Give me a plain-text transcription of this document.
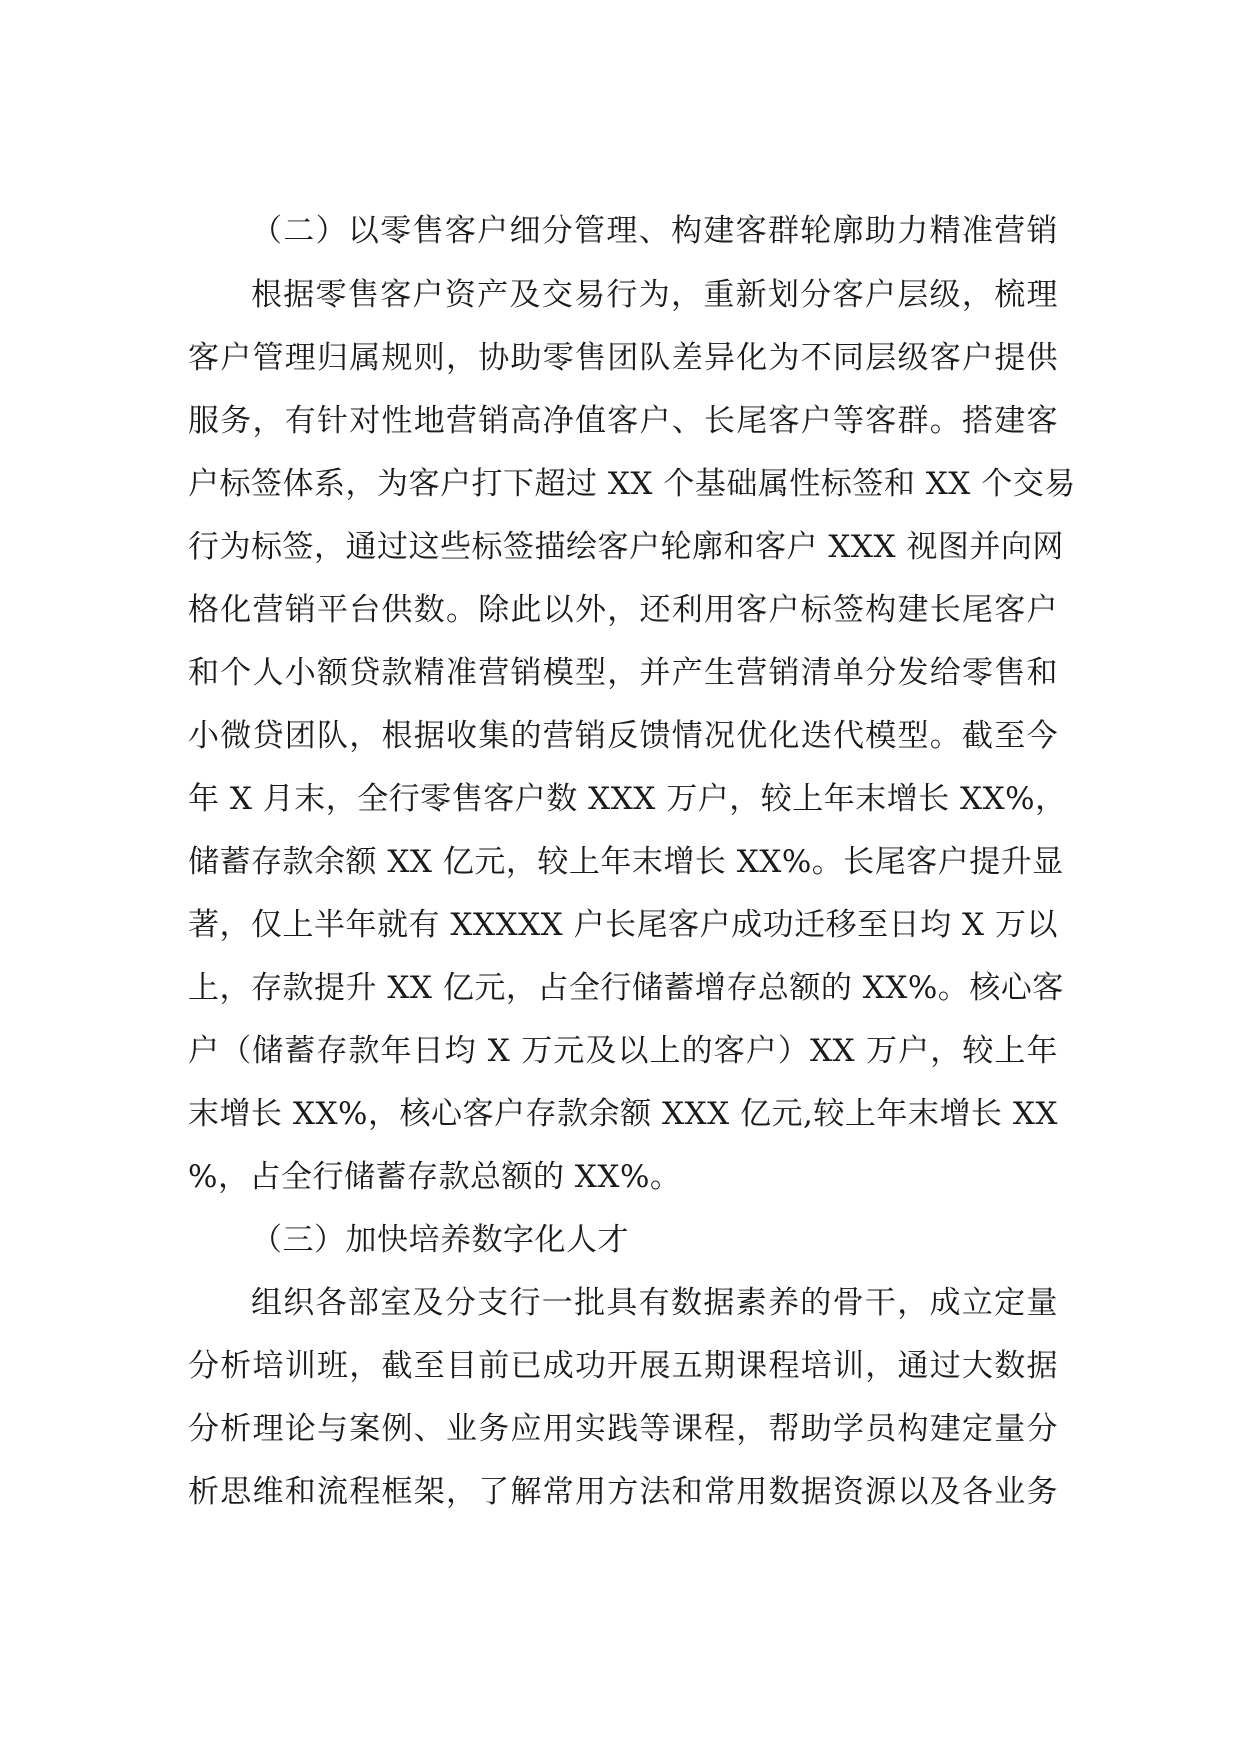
（二）以零售客户细分管理、构建客群轮廓助力精准营销
根据零售客户资产及交易行为，重新划分客户层级，梳理
客户管理归属规则，协助零售团队差异化为不同层级客户提供
服务，有针对性地营销高净值客户、长尾客户等客群。搭建客
户标签体系，为客户打下超过 XX 个基础属性标签和 XX 个交易
行为标签，通过这些标签描绘客户轮廓和客户 XXX 视图并向网
格化营销平台供数。除此以外，还利用客户标签构建长尾客户
和个人小额贷款精准营销模型，并产生营销清单分发给零售和
小微贷团队，根据收集的营销反馈情况优化迭代模型。截至今
年 X 月末，全行零售客户数 XXX 万户，较上年末增长 XX%，
储蓄存款余额 XX 亿元，较上年末增长 XX%。长尾客户提升显
著，仅上半年就有 XXXXX 户长尾客户成功迁移至日均 X 万以
上，存款提升 XX 亿元，占全行储蓄增存总额的 XX%。核心客
户（储蓄存款年日均 X 万元及以上的客户）XX 万户，较上年
末增长 XX%，核心客户存款余额 XXX 亿元,较上年末增长 XX
%，占全行储蓄存款总额的 XX%。
（三）加快培养数字化人才
组织各部室及分支行一批具有数据素养的骨干，成立定量
分析培训班，截至目前已成功开展五期课程培训，通过大数据
分析理论与案例、业务应用实践等课程，帮助学员构建定量分
析思维和流程框架，了解常用方法和常用数据资源以及各业务
